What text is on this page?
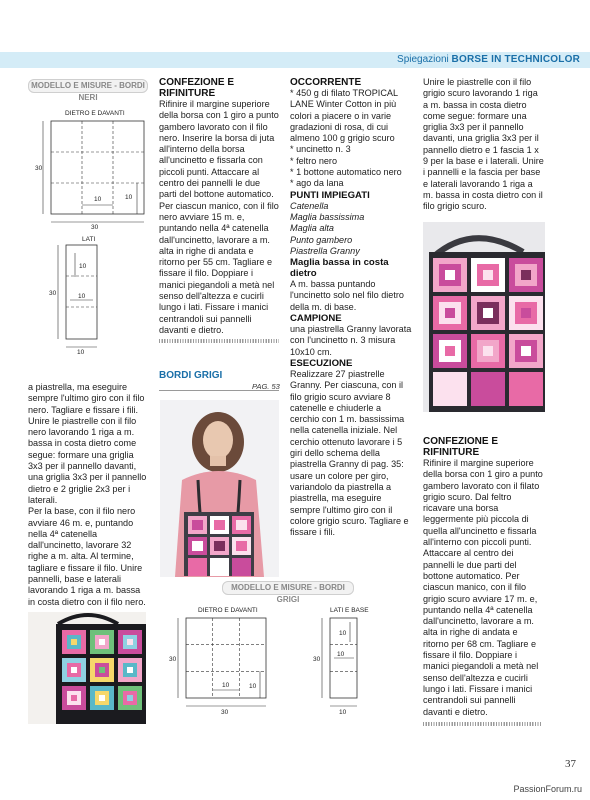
Spiegazioni BORSE IN TECHNICOLOR
MODELLO E MISURE - BORDI NERI
DIETRO E DAVANTI
30
30
10	10
LATI
30
10
10
10

a piastrella, ma eseguire sempre l'ultimo giro con il filo nero. Tagliare e fissare i fili.

Unire le piastrelle con il filo nero lavorando 1 riga a m. bassa in costa dietro come segue: formare una griglia 3x3 per il pannello davanti, una griglia 3x3 per il pannello dietro e 2 griglie 2x3 per i laterali.

Per la base, con il filo nero avviare 46 m. e, puntando nella 4ª catenella dall'uncinetto, lavorare 32 righe a m. alta. Al termine, tagliare e fissare il filo. Unire pannelli, base e laterali lavorando 1 riga a m. bassa in costa dietro con il filo nero.

CONFEZIONE E RIFINITURE

Rifinire il margine superiore della borsa con 1 giro a punto gambero lavorato con il filo nero. Inserire la borsa di juta all'interno della borsa all'uncinetto e fissarla con piccoli punti. Attaccare al centro dei pannelli le due parti del bottone automatico. Per ciascun manico, con il filo nero avviare 15 m. e, puntando nella 4ª catenella dall'uncinetto, lavorare a m. alta in righe di andata e ritorno per 55 cm. Tagliare e fissare il filo. Doppiare i manici piegandoli a metà nel senso dell'altezza e cucirli lungo i lati. Fissare i manici centrandoli sui pannelli davanti e dietro.

BORDI GRIGI
PAG. 53

OCCORRENTE

* 450 g di filato TROPICAL LANE Winter Cotton in più colori a piacere o in varie gradazioni di rosa, di cui almeno 100 g grigio scuro

* uncinetto n. 3

* feltro nero

* 1 bottone automatico nero

* ago da lana

PUNTI IMPIEGATI

Catenella

Maglia bassissima

Maglia alta

Punto gambero

Piastrella Granny

Maglia bassa in costa dietro

A m. bassa puntando l'uncinetto solo nel filo dietro della m. di base.

CAMPIONE

una piastrella Granny lavorata con l'uncinetto n. 3 misura 10x10 cm.

ESECUZIONE

Realizzare 27 piastrelle Granny. Per ciascuna, con il filo grigio scuro avviare 8 catenelle e chiuderle a cerchio con 1 m. bassissima nella catenella iniziale. Nel cerchio ottenuto lavorare i 5 giri dello schema della piastrella Granny di pag. 35: usare un colore per giro, variandolo da piastrella a piastrella, ma eseguire sempre l'ultimo giro con il colore grigio scuro. Tagliare e fissare i fili.

MODELLO E MISURE - BORDI GRIGI
DIETRO E DAVANTI
30
30
10	10
LATI E BASE
30
10
10
10

Unire le piastrelle con il filo grigio scuro lavorando 1 riga a m. bassa in costa dietro come segue: formare una griglia 3x3 per il pannello davanti, una griglia 3x3 per il pannello dietro e 1 fascia 1 x 9 per la base e i laterali. Unire i pannelli e la fascia per base e laterali lavorando 1 riga a m. bassa in costa dietro con il filo grigio scuro.

CONFEZIONE E RIFINITURE

Rifinire il margine superiore della borsa con 1 giro a punto gambero lavorato con il filato grigio scuro. Dal feltro ricavare una borsa leggermente più piccola di quella all'uncinetto e fissarla all'interno con piccoli punti. Attaccare al centro dei pannelli le due parti del bottone automatico. Per ciascun manico, con il filo grigio scuro avviare 17 m. e, puntando nella 4ª catenella dall'uncinetto, lavorare a m. alta in righe di andata e ritorno per 68 cm. Tagliare e fissare il filo. Doppiare i manici piegandoli a metà nel senso dell'altezza e cucirli lungo i lati. Fissare i manici centrandoli sui pannelli davanti e dietro.

37
PassionForum.ru
